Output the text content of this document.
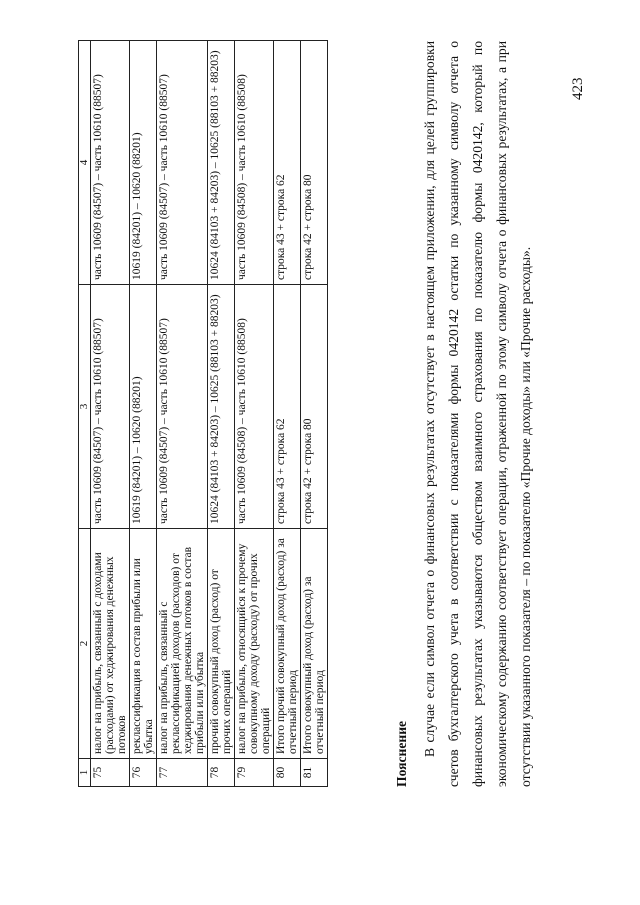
423
1	2	3	4
75	налог на прибыль, связанный с доходами (расходами) от хеджирования денежных потоков	часть 10609 (84507) – часть 10610 (88507)	часть 10609 (84507) – часть 10610 (88507)
76	реклассификация в состав прибыли или убытка	10619 (84201) – 10620 (88201)	10619 (84201) – 10620 (88201)
77	налог на прибыль, связанный с реклассификацией доходов (расходов) от хеджирования денежных потоков в состав прибыли или убытка	часть 10609 (84507) – часть 10610 (88507)	часть 10609 (84507) – часть 10610 (88507)
78	прочий совокупный доход (расход) от прочих операций	10624 (84103 + 84203) – 10625 (88103 + 88203)	10624 (84103 + 84203) – 10625 (88103 + 88203)
79	налог на прибыль, относящийся к прочему совокупному доходу (расходу) от прочих операций	часть 10609 (84508) – часть 10610 (88508)	часть 10609 (84508) – часть 10610 (88508)
80	Итого прочий совокупный доход (расход) за отчетный период	строка 43 + строка 62	строка 43 + строка 62
81	Итого совокупный доход (расход) за отчетный период	строка 42 + строка 80	строка 42 + строка 80
Пояснение В случае если символ отчета о финансовых результатах отсутствует в настоящем приложении, для целей группировки счетов бухгалтерского учета в соответствии с показателями формы 0420142 остатки по указанному символу отчета о финансовых результатах указываются обществом взаимного страхования по показателю формы 0420142, который по экономическому содержанию соответствует операции, отраженной по этому символу отчета о финансовых результатах, а при отсутствии указанного показателя – по показателю «Прочие доходы» или «Прочие расходы».
